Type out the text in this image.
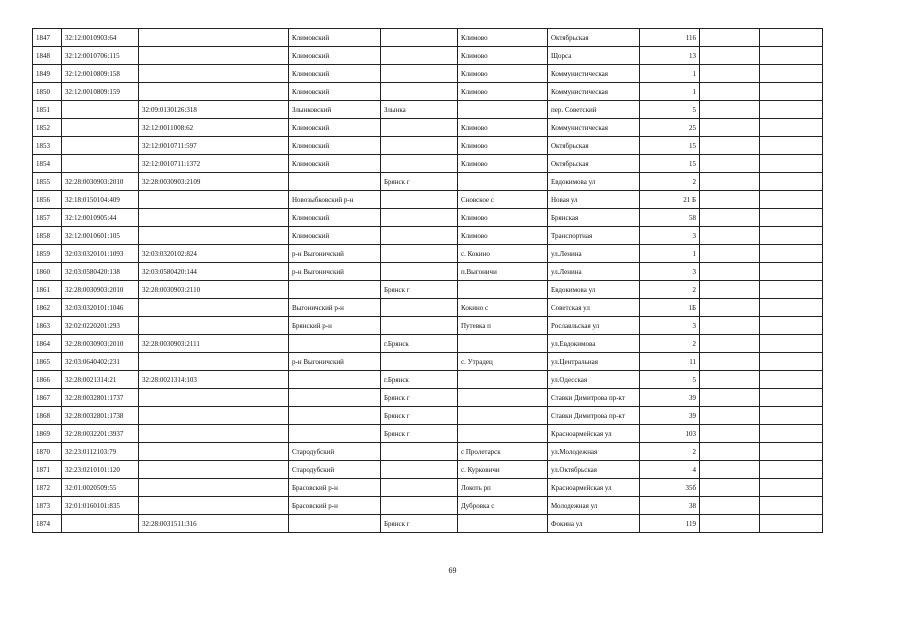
1847	32:12:0010903:64		Климовский		Климово	Октябрьская	116		
1848	32:12:0010706:115		Климовский		Климово	Щорса	13		
1849	32:12:0010809:158		Климовский		Климово	Коммунистическая	1		
1850	32:12:0010809:159		Климовский		Климово	Коммунистическая	1		
1851		32:09:0130126:318	Злынковский	Злынка		пер. Советский	5		
1852		32:12:0011008:62	Климовский		Климово	Коммунистическая	25		
1853		32:12:0010711:597	Климовский		Климово	Октябрьская	15		
1854		32:12:0010711:1372	Климовский		Климово	Октябрьская	15		
1855	32:28:0030903:2010	32:28:0030903:2109		Брянск г		Евдокимова ул	2		
1856	32:18:0150104:409		Новозыбковский р-н		Сновское с	Новая ул	21 Б		
1857	32:12:0010905:44		Климовский		Климово	Брянская	58		
1858	32:12:0010601:105		Климовский		Климово	Транспортная	3		
1859	32:03:0320101:1093	32:03:0320102:824	р-н Выгоничский		с. Кокино	ул.Ленина	1		
1860	32:03:0580420:138	32:03:0580420:144	р-н Выгоничский		п.Выгоничи	ул.Ленина	3		
1861	32:28:0030903:2010	32:28:0030903:2110		Брянск г		Евдокимова ул	2		
1862	32:03:0320101:1046		Выгоничский р-н		Кокино с	Советская ул	1Б		
1863	32:02:0220201:293		Брянский р-н		Путевка п	Рославльская ул	3		
1864	32:28:0030903:2010	32:28:0030903:2111		г.Брянск		ул.Евдокимова	2		
1865	32:03:0640402:231		р-н Выгоничский		с. Утрадец	ул.Центральная	11		
1866	32:28:0021314:21	32:28:0021314:103		г.Брянск		ул.Одесская	5		
1867	32:28:0032801:1737			Брянск г		Ставки Димитрова пр-кт	39		
1868	32:28:0032801:1738			Брянск г		Ставки Димитрова пр-кт	39		
1869	32:28:0032201:3937			Брянск г		Красноармейская ул	103		
1870	32:23:0112103:79		Стародубский		с Пролетарск	ул.Молодежная	2		
1871	32:23:0210101:120		Стародубский		с. Курковичи	ул.Октябрьская	4		
1872	32:01:0020509:55		Брасовский р-н		Локоть рп	Красноармейская ул	35б		
1873	32:01:0160101:835		Брасовский р-н		Дубровка с	Молодежная ул	38		
1874		32:28:0031511:316		Брянск г		Фокина ул	119		
69
